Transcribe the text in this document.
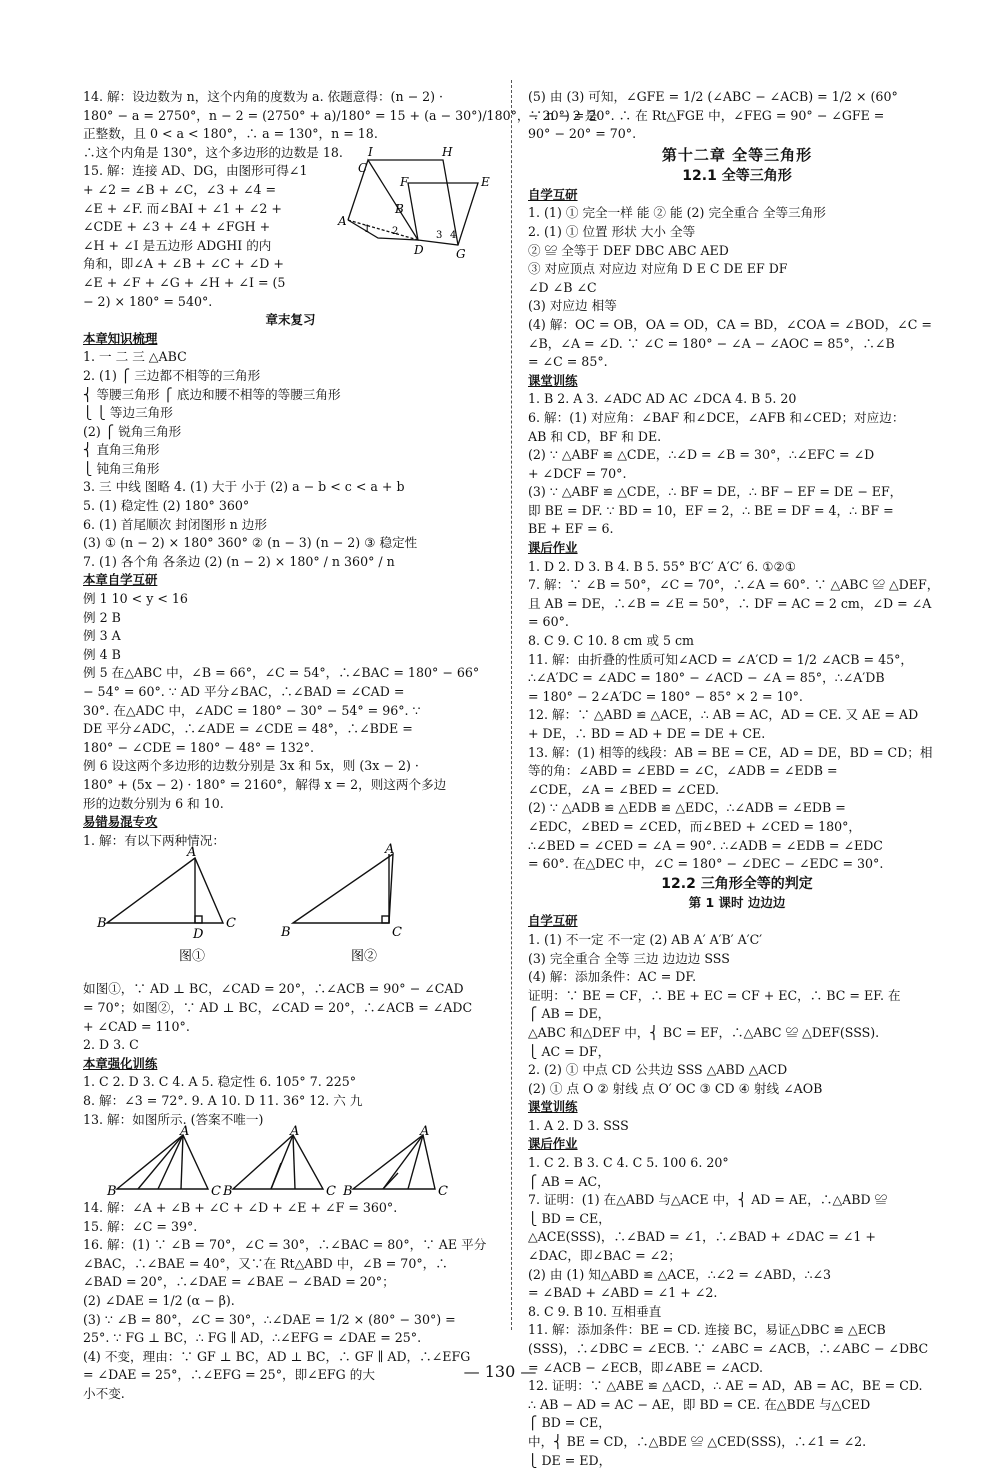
14. 解：设边数为 n，这个内角的度数为 a. 依题意得：(n − 2) ·
180° − a = 2750°，n − 2 = (2750° + a)/180° = 15 + (a − 30°)/180°，∵ n − 2 是
正整数，且 0 < a < 180°，∴ a = 130°，n = 18.
∴这个内角是 130°，这个多边形的边数是 18.
15. 解：连接 AD、DG，由图形可得∠1
+ ∠2 = ∠B + ∠C，∠3 + ∠4 =
∠E + ∠F. 而∠BAI + ∠1 + ∠2 +
∠CDE + ∠3 + ∠4 + ∠FGH +
∠H + ∠I 是五边形 ADGHI 的内
角和，即∠A + ∠B + ∠C + ∠D +
∠E + ∠F + ∠G + ∠H + ∠I = (5
− 2) × 180° = 540°.
章末复习
本章知识梳理
1. 一 二 三 △ABC
2. (1) ⎧ 三边都不相等的三角形
⎨ 等腰三角形 ⎧ 底边和腰不相等的等腰三角形
⎩ ⎩ 等边三角形
(2) ⎧ 锐角三角形
⎨ 直角三角形
⎩ 钝角三角形
3. 三 中线 图略 4. (1) 大于 小于 (2) a − b < c < a + b
5. (1) 稳定性 (2) 180° 360°
6. (1) 首尾顺次 封闭图形 n 边形
(3) ① (n − 2) × 180° 360° ② (n − 3) (n − 2) ③ 稳定性
7. (1) 各个角 各条边 (2) (n − 2) × 180° / n 360° / n
本章自学互研
例 1 10 < y < 16
例 2 B
例 3 A
例 4 B
例 5 在△ABC 中，∠B = 66°，∠C = 54°，∴∠BAC = 180° − 66°
− 54° = 60°. ∵ AD 平分∠BAC，∴∠BAD = ∠CAD =
30°. 在△ADC 中，∠ADC = 180° − 30° − 54° = 96°. ∵
DE 平分∠ADC，∴∠ADE = ∠CDE = 48°，∴∠BDE =
180° − ∠CDE = 180° − 48° = 132°.
例 6 设这两个多边形的边数分别是 3x 和 5x，则 (3x − 2) ·
180° + (5x − 2) · 180° = 2160°，解得 x = 2，则这两个多边
形的边数分别为 6 和 10.
易错易混专攻
1. 解：有以下两种情况：
A
B
D
C
A
B	C
图①	图②
如图①，∵ AD ⊥ BC，∠CAD = 20°，∴∠ACB = 90° − ∠CAD
= 70°；如图②，∵ AD ⊥ BC，∠CAD = 20°，∴∠ACB = ∠ADC
+ ∠CAD = 110°.
2. D 3. C
本章强化训练
1. C 2. D 3. C 4. A 5. 稳定性 6. 105° 7. 225°
8. 解：∠3 = 72°. 9. A 10. D 11. 36° 12. 六 九
13. 解：如图所示. (答案不唯一)
A
B	C
A
B	C
A
B	C
14. 解：∠A + ∠B + ∠C + ∠D + ∠E + ∠F = 360°.
15. 解：∠C = 39°.
16. 解：(1) ∵ ∠B = 70°，∠C = 30°，∴∠BAC = 80°，∵ AE 平分
∠BAC，∴∠BAE = 40°，又∵在 Rt△ABD 中，∠B = 70°，∴
∠BAD = 20°，∴∠DAE = ∠BAE − ∠BAD = 20°；
(2) ∠DAE = 1/2 (α − β).
(3) ∵ ∠B = 80°，∠C = 30°，∴∠DAE = 1/2 × (80° − 30°) =
25°. ∵ FG ⊥ BC，∴ FG ∥ AD，∴∠EFG = ∠DAE = 25°.
(4) 不变，理由：∵ GF ⊥ BC，AD ⊥ BC，∴ GF ∥ AD，∴∠EFG
= ∠DAE = 25°，∴∠EFG = 25°，即∠EFG 的大
小不变.
A
C
I	H
F
B
E
D	G
1 2	3 4
(5) 由 (3) 可知，∠GFE = 1/2 (∠ABC − ∠ACB) = 1/2 × (60°
− 20°) = 20°. ∴ 在 Rt△FGE 中，∠FEG = 90° − ∠GFE =
90° − 20° = 70°.
第十二章 全等三角形
12.1 全等三角形
自学互研
1. (1) ① 完全一样 能 ② 能 (2) 完全重合 全等三角形
2. (1) ① 位置 形状 大小 全等
② ≌ 全等于 DEF DBC ABC AED
③ 对应顶点 对应边 对应角 D E C DE EF DF
∠D ∠B ∠C
(3) 对应边 相等
(4) 解：OC = OB，OA = OD，CA = BD，∠COA = ∠BOD，∠C =
∠B，∠A = ∠D. ∵ ∠C = 180° − ∠A − ∠AOC = 85°，∴∠B
= ∠C = 85°.
课堂训练
1. B 2. A 3. ∠ADC AD AC ∠DCA 4. B 5. 20
6. 解：(1) 对应角：∠BAF 和∠DCE，∠AFB 和∠CED；对应边：
AB 和 CD，BF 和 DE.
(2) ∵ △ABF ≌ △CDE，∴∠D = ∠B = 30°，∴∠EFC = ∠D
+ ∠DCF = 70°.
(3) ∵ △ABF ≌ △CDE，∴ BF = DE，∴ BF − EF = DE − EF，
即 BE = DF. ∵ BD = 10，EF = 2，∴ BE = DF = 4，∴ BF =
BE + EF = 6.
课后作业
1. D 2. D 3. B 4. B 5. 55° B′C′ A′C′ 6. ①②①
7. 解：∵ ∠B = 50°，∠C = 70°，∴∠A = 60°. ∵ △ABC ≌ △DEF，
且 AB = DE，∴∠B = ∠E = 50°，∴ DF = AC = 2 cm，∠D = ∠A
= 60°.
8. C 9. C 10. 8 cm 或 5 cm
11. 解：由折叠的性质可知∠ACD = ∠A′CD = 1/2 ∠ACB = 45°，
∴∠A′DC = ∠ADC = 180° − ∠ACD − ∠A = 85°，∴∠A′DB
= 180° − 2∠A′DC = 180° − 85° × 2 = 10°.
12. 解：∵ △ABD ≌ △ACE，∴ AB = AC，AD = CE. 又 AE = AD
+ DE，∴ BD = AD + DE = DE + CE.
13. 解：(1) 相等的线段：AB = BE = CE，AD = DE，BD = CD；相
等的角：∠ABD = ∠EBD = ∠C，∠ADB = ∠EDB =
∠CDE，∠A = ∠BED = ∠CED.
(2) ∵ △ADB ≌ △EDB ≌ △EDC，∴∠ADB = ∠EDB =
∠EDC，∠BED = ∠CED，而∠BED + ∠CED = 180°，
∴∠BED = ∠CED = ∠A = 90°. ∴∠ADB = ∠EDB = ∠EDC
= 60°. 在△DEC 中，∠C = 180° − ∠DEC − ∠EDC = 30°.
12.2 三角形全等的判定
第 1 课时 边边边
自学互研
1. (1) 不一定 不一定 (2) AB A′ A′B′ A′C′
(3) 完全重合 全等 三边 边边边 SSS
(4) 解：添加条件：AC = DF.
证明：∵ BE = CF，∴ BE + EC = CF + EC，∴ BC = EF. 在
⎧ AB = DE，
△ABC 和△DEF 中，⎨ BC = EF，∴△ABC ≌ △DEF(SSS).
⎩ AC = DF，
2. (2) ① 中点 CD 公共边 SSS △ABD △ACD
(2) ① 点 O ② 射线 点 O′ OC ③ CD ④ 射线 ∠AOB
课堂训练
1. A 2. D 3. SSS
课后作业
1. C 2. B 3. C 4. C 5. 100 6. 20°
⎧ AB = AC，
7. 证明：(1) 在△ABD 与△ACE 中，⎨ AD = AE，∴△ABD ≌
⎩ BD = CE，
△ACE(SSS)，∴∠BAD = ∠1，∴∠BAD + ∠DAC = ∠1 +
∠DAC，即∠BAC = ∠2；
(2) 由 (1) 知△ABD ≌ △ACE，∴∠2 = ∠ABD，∴∠3
= ∠BAD + ∠ABD = ∠1 + ∠2.
8. C 9. B 10. 互相垂直
11. 解：添加条件：BE = CD. 连接 BC，易证△DBC ≌ △ECB
(SSS)，∴∠DBC = ∠ECB. ∵ ∠ABC = ∠ACB，∴∠ABC − ∠DBC
= ∠ACB − ∠ECB，即∠ABE = ∠ACD.
12. 证明：∵ △ABE ≌ △ACD，∴ AE = AD，AB = AC，BE = CD.
∴ AB − AD = AC − AE，即 BD = CE. 在△BDE 与△CED
⎧ BD = CE，
中，⎨ BE = CD，∴△BDE ≌ △CED(SSS)，∴∠1 = ∠2.
⎩ DE = ED，
— 130 —
